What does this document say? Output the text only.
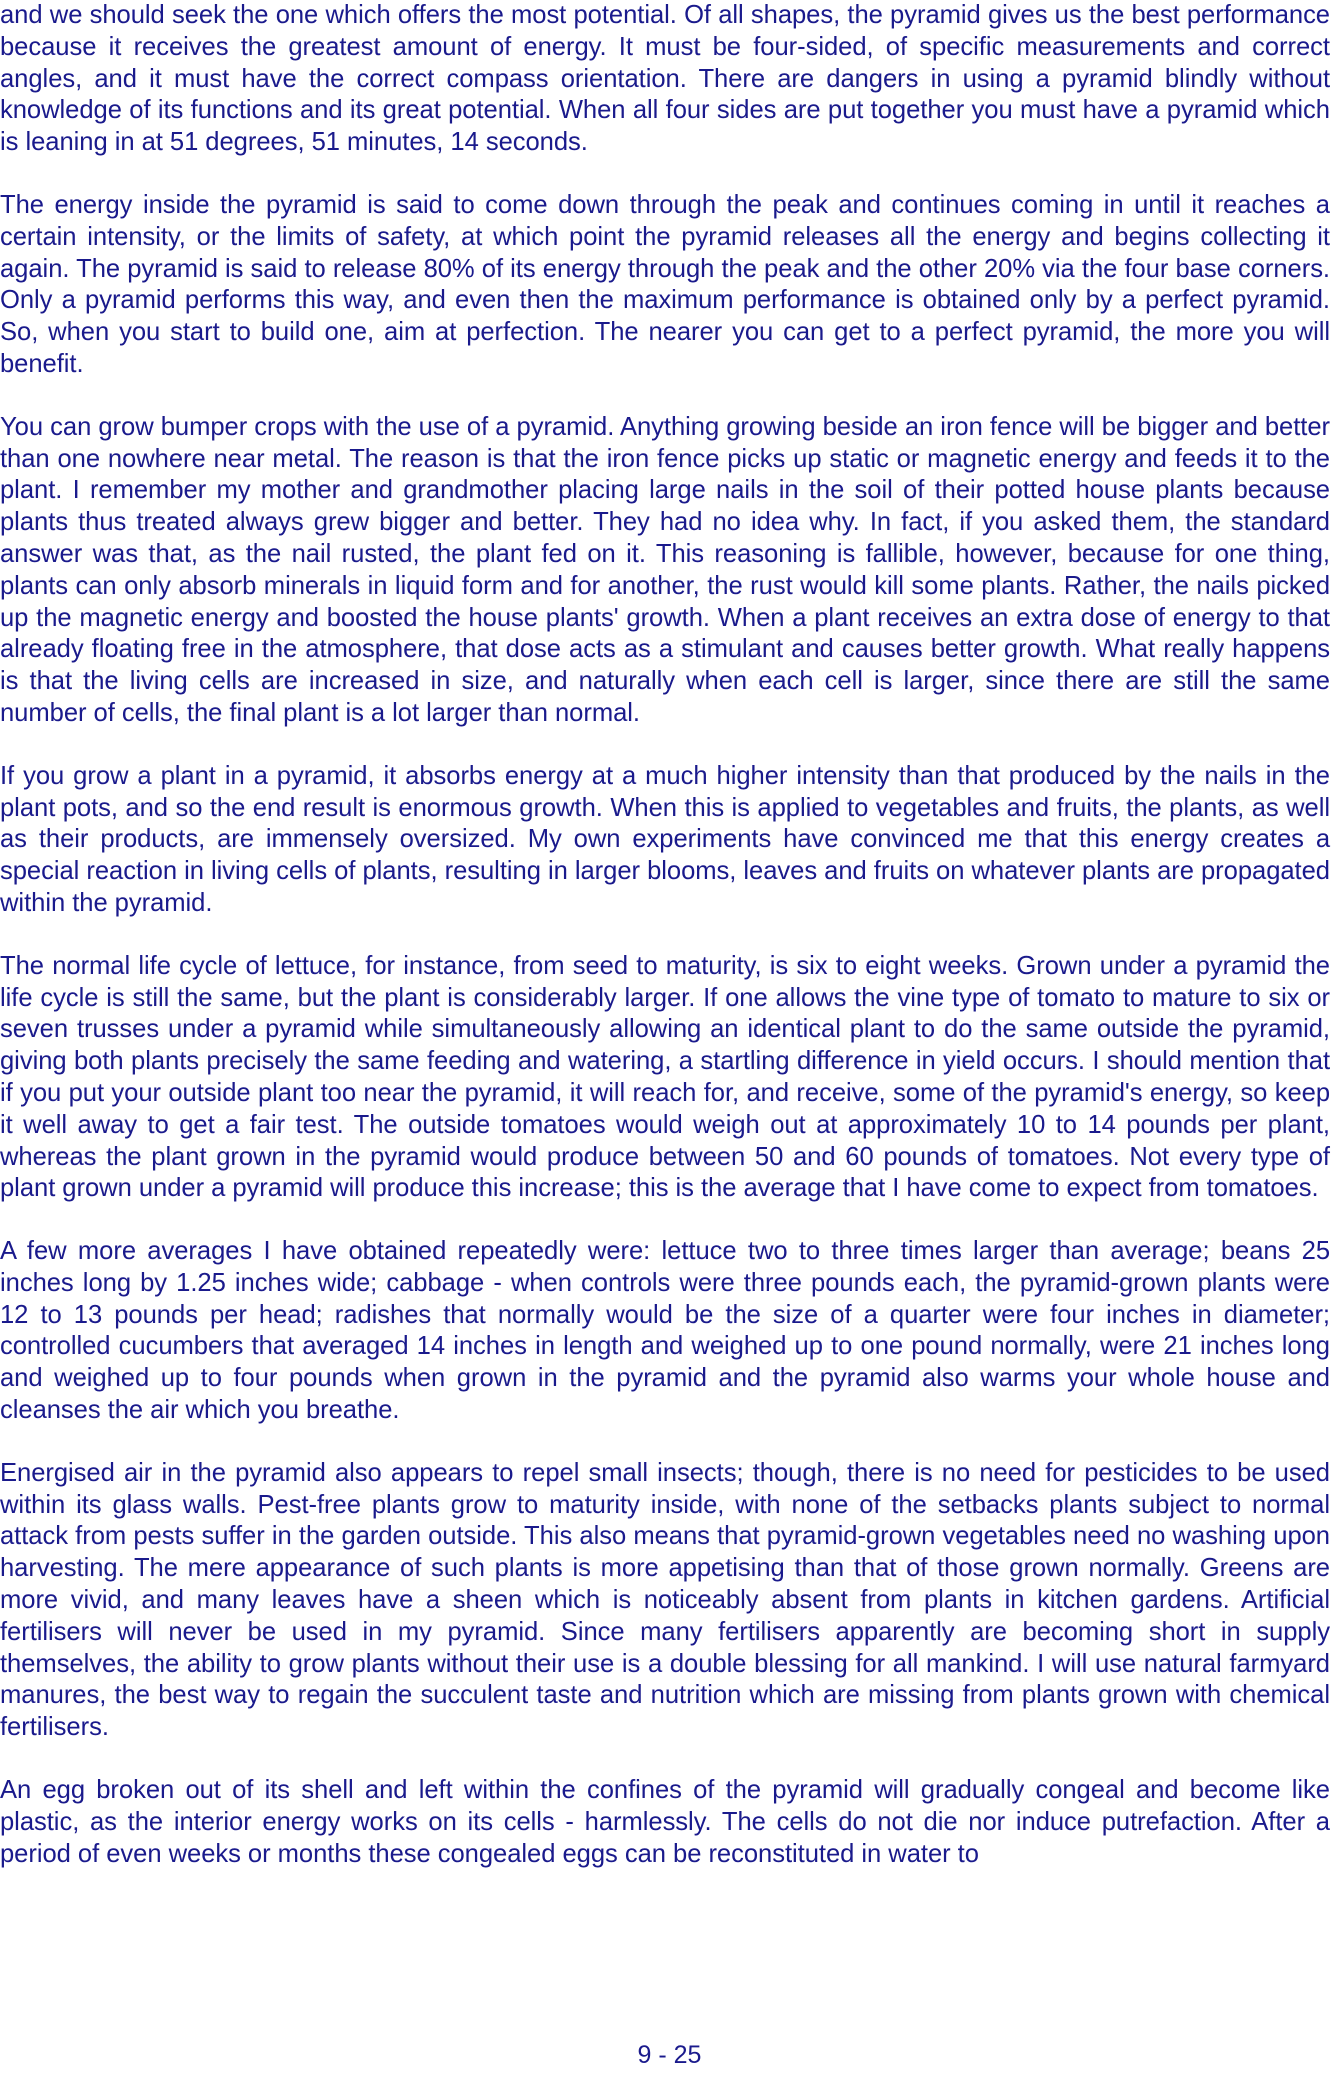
and we should seek the one which offers the most potential. Of all shapes, the pyramid gives us the best performance because it receives the greatest amount of energy. It must be four-sided, of specific measurements and correct angles, and it must have the correct compass orientation. There are dangers in using a pyramid blindly without knowledge of its functions and its great potential. When all four sides are put together you must have a pyramid which is leaning in at 51 degrees, 51 minutes, 14 seconds.

The energy inside the pyramid is said to come down through the peak and continues coming in until it reaches a certain intensity, or the limits of safety, at which point the pyramid releases all the energy and begins collecting it again. The pyramid is said to release 80% of its energy through the peak and the other 20% via the four base corners. Only a pyramid performs this way, and even then the maximum performance is obtained only by a perfect pyramid. So, when you start to build one, aim at perfection. The nearer you can get to a perfect pyramid, the more you will benefit.

You can grow bumper crops with the use of a pyramid. Anything growing beside an iron fence will be bigger and better than one nowhere near metal. The reason is that the iron fence picks up static or magnetic energy and feeds it to the plant. I remember my mother and grandmother placing large nails in the soil of their potted house plants because plants thus treated always grew bigger and better. They had no idea why. In fact, if you asked them, the standard answer was that, as the nail rusted, the plant fed on it. This reasoning is fallible, however, because for one thing, plants can only absorb minerals in liquid form and for another, the rust would kill some plants. Rather, the nails picked up the magnetic energy and boosted the house plants' growth. When a plant receives an extra dose of energy to that already floating free in the atmosphere, that dose acts as a stimulant and causes better growth. What really happens is that the living cells are increased in size, and naturally when each cell is larger, since there are still the same number of cells, the final plant is a lot larger than normal.

If you grow a plant in a pyramid, it absorbs energy at a much higher intensity than that produced by the nails in the plant pots, and so the end result is enormous growth. When this is applied to vegetables and fruits, the plants, as well as their products, are immensely oversized. My own experiments have convinced me that this energy creates a special reaction in living cells of plants, resulting in larger blooms, leaves and fruits on whatever plants are propagated within the pyramid.

The normal life cycle of lettuce, for instance, from seed to maturity, is six to eight weeks. Grown under a pyramid the life cycle is still the same, but the plant is considerably larger. If one allows the vine type of tomato to mature to six or seven trusses under a pyramid while simultaneously allowing an identical plant to do the same outside the pyramid, giving both plants precisely the same feeding and watering, a startling difference in yield occurs. I should mention that if you put your outside plant too near the pyramid, it will reach for, and receive, some of the pyramid's energy, so keep it well away to get a fair test. The outside tomatoes would weigh out at approximately 10 to 14 pounds per plant, whereas the plant grown in the pyramid would produce between 50 and 60 pounds of tomatoes. Not every type of plant grown under a pyramid will produce this increase; this is the average that I have come to expect from tomatoes.

A few more averages I have obtained repeatedly were: lettuce two to three times larger than average; beans 25 inches long by 1.25 inches wide; cabbage - when controls were three pounds each, the pyramid-grown plants were 12 to 13 pounds per head; radishes that normally would be the size of a quarter were four inches in diameter; controlled cucumbers that averaged 14 inches in length and weighed up to one pound normally, were 21 inches long and weighed up to four pounds when grown in the pyramid and the pyramid also warms your whole house and cleanses the air which you breathe.

Energised air in the pyramid also appears to repel small insects; though, there is no need for pesticides to be used within its glass walls. Pest-free plants grow to maturity inside, with none of the setbacks plants subject to normal attack from pests suffer in the garden outside. This also means that pyramid-grown vegetables need no washing upon harvesting. The mere appearance of such plants is more appetising than that of those grown normally. Greens are more vivid, and many leaves have a sheen which is noticeably absent from plants in kitchen gardens. Artificial fertilisers will never be used in my pyramid. Since many fertilisers apparently are becoming short in supply themselves, the ability to grow plants without their use is a double blessing for all mankind. I will use natural farmyard manures, the best way to regain the succulent taste and nutrition which are missing from plants grown with chemical fertilisers.

An egg broken out of its shell and left within the confines of the pyramid will gradually congeal and become like plastic, as the interior energy works on its cells - harmlessly. The cells do not die nor induce putrefaction. After a period of even weeks or months these congealed eggs can be reconstituted in water to

9 - 25
